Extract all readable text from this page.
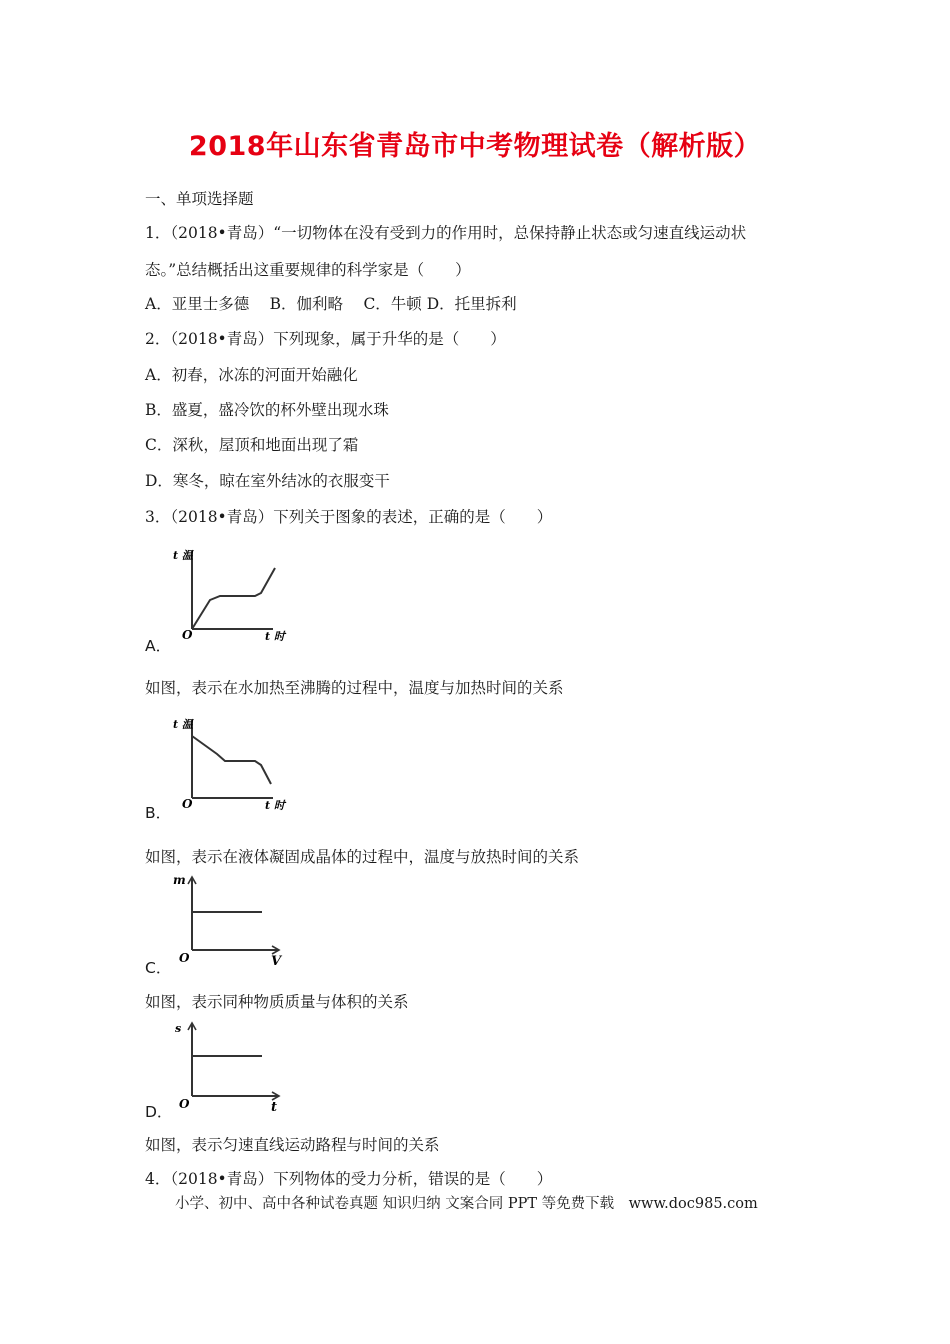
2018年山东省青岛市中考物理试卷（解析版）
一、单项选择题
1．（2018•青岛）“一切物体在没有受到力的作用时，总保持静止状态或匀速直线运动状
态。”总结概括出这重要规律的科学家是（　　）
A．亚里士多德　 B．伽利略　 C．牛顿 D．托里拆利
2．（2018•青岛）下列现象，属于升华的是（　　）
A．初春，冰冻的河面开始融化
B．盛夏，盛冷饮的杯外壁出现水珠
C．深秋，屋顶和地面出现了霜
D．寒冬，晾在室外结冰的衣服变干
3．（2018•青岛）下列关于图象的表述，正确的是（　　）
t 温
t 时
O
A．
如图，表示在水加热至沸腾的过程中，温度与加热时间的关系
t 温
t 时
O
B．
如图，表示在液体凝固成晶体的过程中，温度与放热时间的关系
m
V
O
C．
如图，表示同种物质质量与体积的关系
s
t
O
D．
如图，表示匀速直线运动路程与时间的关系
4．（2018•青岛）下列物体的受力分析，错误的是（　　）
小学、初中、高中各种试卷真题 知识归纳 文案合同 PPT 等免费下载　www.doc985.com
